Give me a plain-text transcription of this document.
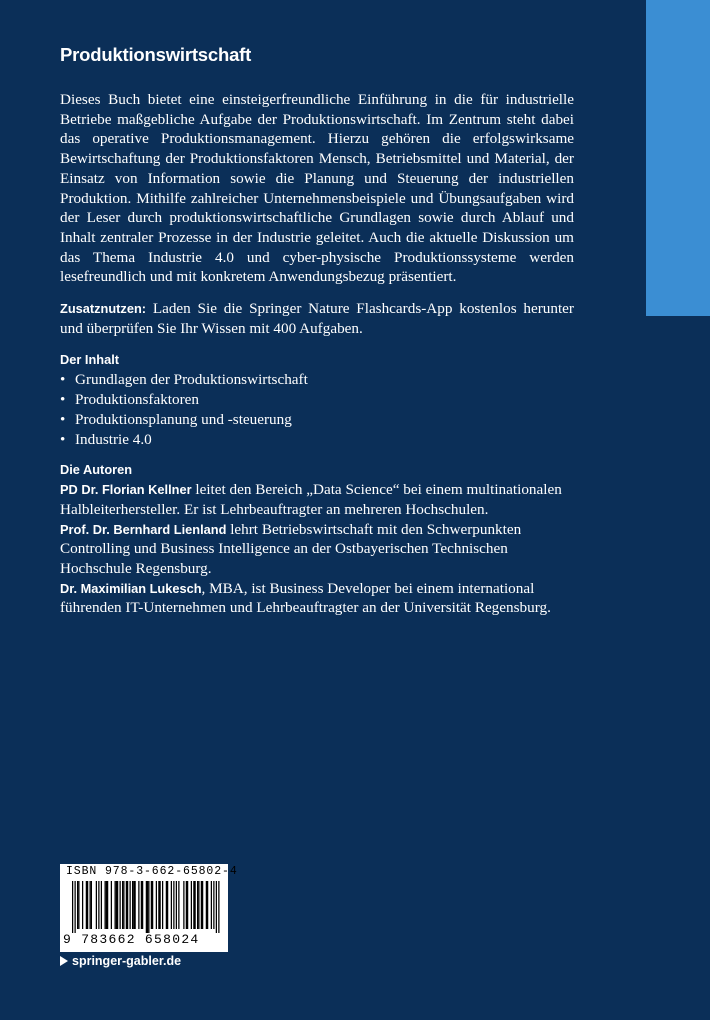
Produktionswirtschaft

Dieses Buch bietet eine einsteigerfreundliche Einführung in die für industrielle Betriebe maßgebliche Aufgabe der Produktionswirtschaft. Im Zentrum steht dabei das operative Produktionsmanagement. Hierzu gehören die erfolgswirksame Bewirtschaftung der Produktionsfaktoren Mensch, Betriebsmittel und Material, der Einsatz von Information sowie die Planung und Steuerung der industriellen Produktion. Mithilfe zahlreicher Unternehmensbeispiele und Übungsaufgaben wird der Leser durch produktionswirtschaftliche Grundlagen sowie durch Ablauf und Inhalt zentraler Prozesse in der Industrie geleitet. Auch die aktuelle Diskussion um das Thema Industrie 4.0 und cyber-physische Produktionssysteme werden lesefreundlich und mit konkretem Anwendungsbezug präsentiert.

Zusatznutzen: Laden Sie die Springer Nature Flashcards-App kostenlos herunter und überprüfen Sie Ihr Wissen mit 400 Aufgaben.

Der Inhalt
• Grundlagen der Produktionswirtschaft
• Produktionsfaktoren
• Produktionsplanung und -steuerung
• Industrie 4.0
Die Autoren
PD Dr. Florian Kellner leitet den Bereich „Data Science“ bei einem multinationalen Halbleiterhersteller. Er ist Lehrbeauftragter an mehreren Hochschulen.
Prof. Dr. Bernhard Lienland lehrt Betriebswirtschaft mit den Schwerpunkten Controlling und Business Intelligence an der Ostbayerischen Technischen Hochschule Regensburg.
Dr. Maximilian Lukesch, MBA, ist Business Developer bei einem international führenden IT-Unternehmen und Lehrbeauftragter an der Universität Regensburg.
ISBN 978-3-662-65802-4
9 783662 658024
springer-gabler.de
